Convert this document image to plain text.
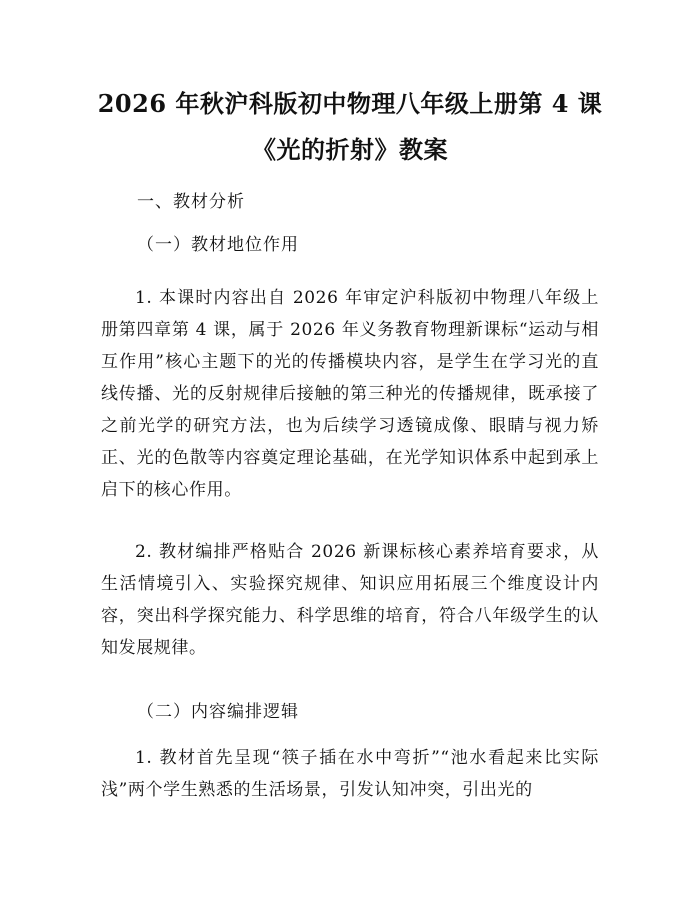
2026 年秋沪科版初中物理八年级上册第 4 课
《光的折射》教案
一、教材分析
（一）教材地位作用
1. 本课时内容出自 2026 年审定沪科版初中物理八年级上册第四章第 4 课，属于 2026 年义务教育物理新课标“运动与相互作用”核心主题下的光的传播模块内容，是学生在学习光的直线传播、光的反射规律后接触的第三种光的传播规律，既承接了之前光学的研究方法，也为后续学习透镜成像、眼睛与视力矫正、光的色散等内容奠定理论基础，在光学知识体系中起到承上启下的核心作用。
2. 教材编排严格贴合 2026 新课标核心素养培育要求，从生活情境引入、实验探究规律、知识应用拓展三个维度设计内容，突出科学探究能力、科学思维的培育，符合八年级学生的认知发展规律。
（二）内容编排逻辑
1. 教材首先呈现“筷子插在水中弯折”“池水看起来比实际浅”两个学生熟悉的生活场景，引发认知冲突，引出光的
